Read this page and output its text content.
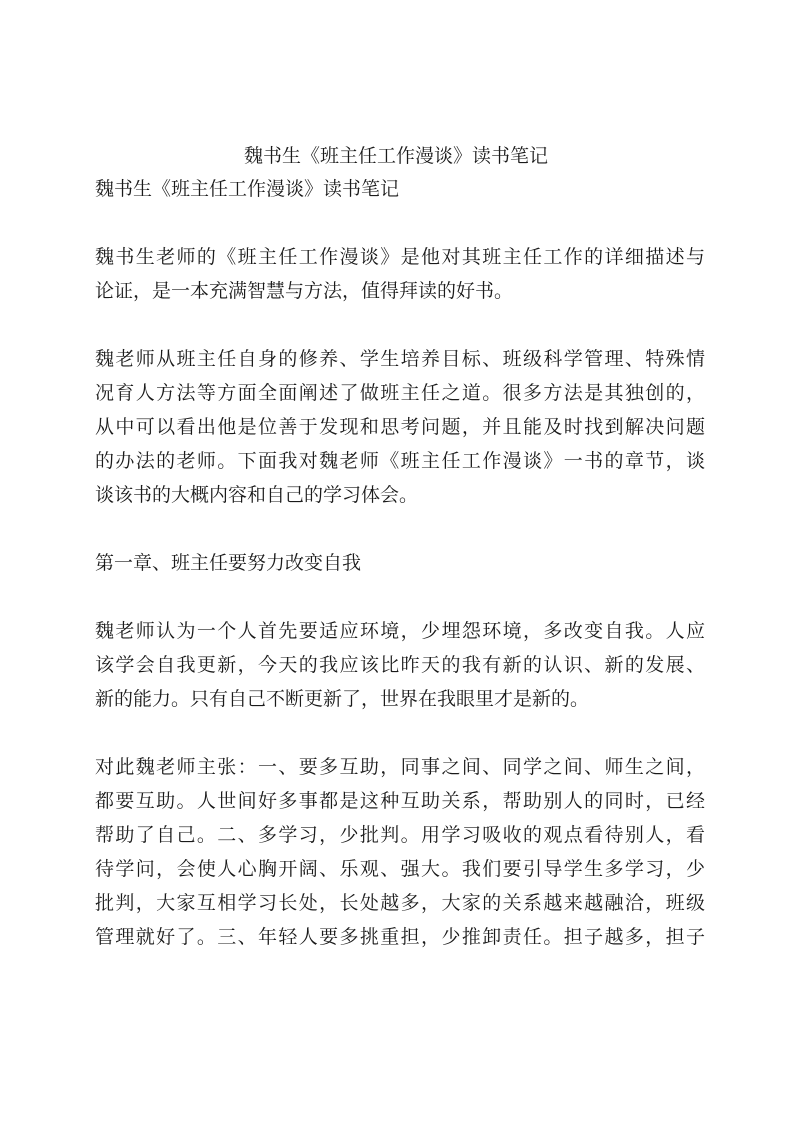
魏书生《班主任工作漫谈》读书笔记
魏书生《班主任工作漫谈》读书笔记
魏书生老师的《班主任工作漫谈》是他对其班主任工作的详细描述与
论证，是一本充满智慧与方法，值得拜读的好书。
魏老师从班主任自身的修养、学生培养目标、班级科学管理、特殊情
况育人方法等方面全面阐述了做班主任之道。很多方法是其独创的，
从中可以看出他是位善于发现和思考问题，并且能及时找到解决问题
的办法的老师。下面我对魏老师《班主任工作漫谈》一书的章节，谈
谈该书的大概内容和自己的学习体会。
第一章、班主任要努力改变自我
魏老师认为一个人首先要适应环境，少埋怨环境，多改变自我。人应
该学会自我更新，今天的我应该比昨天的我有新的认识、新的发展、
新的能力。只有自己不断更新了，世界在我眼里才是新的。
对此魏老师主张：一、要多互助，同事之间、同学之间、师生之间，
都要互助。人世间好多事都是这种互助关系，帮助别人的同时，已经
帮助了自己。二、多学习，少批判。用学习吸收的观点看待别人，看
待学问，会使人心胸开阔、乐观、强大。我们要引导学生多学习，少
批判，大家互相学习长处，长处越多，大家的关系越来越融洽，班级
管理就好了。三、年轻人要多挑重担，少推卸责任。担子越多，担子
